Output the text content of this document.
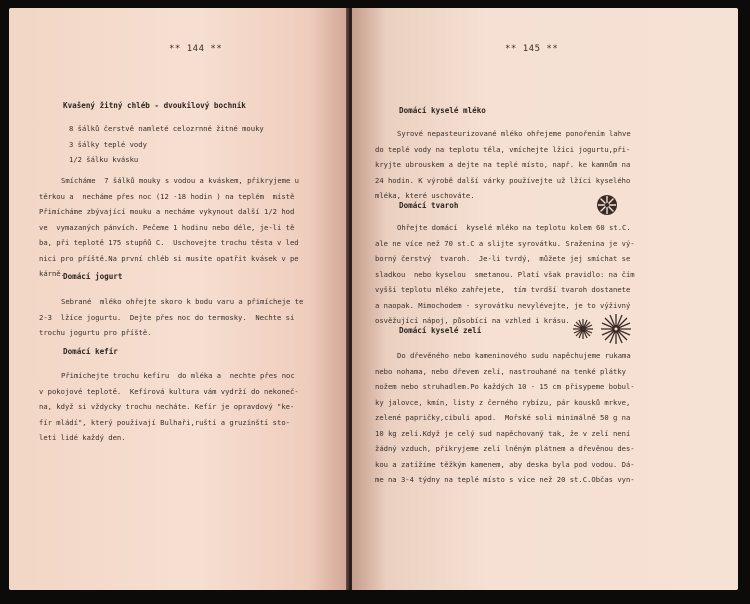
** 144 **
Kvašený žitný chléb - dvoukilový bochník
8 šálků čerstvě namleté celozrnné žitné mouky
3 šálky teplé vody
1/2 šálku kvásku
Smícháme  7 šálků mouky s vodou a kváskem, přikryjeme u
těrkou a  necháme přes noc (12 -18 hodin ) na teplém  místě
Přimícháme zbývající mouku a necháme vykynout další 1/2 hod
ve  vymazaných pánvích. Pečeme 1 hodinu nebo déle, je-li tě
ba, při teplotě 175 stupňů C.  Uschovejte trochu těsta v led
nici pro příště.Na první chléb si musíte opatřit kvásek v pe
kárně.
Domácí jogurt
Sebrané  mléko ohřejte skoro k bodu varu a přimícheje te
2-3  lžíce jogurtu.  Dejte přes noc do termosky.  Nechte si
trochu jogurtu pro příště.
Domácí kefír
Přimíchejte trochu kefíru  do mléka a  nechte přes noc
v pokojové teplotě.  Kefírová kultura vám vydrží do nekoneč-
na, když si vždycky trochu necháte. Kefír je opravdový "ke-
fír mládí", který používají Bulhaři,ruští a gruzínští sto-
letí lidé každý den.
** 145 **
Domácí kyselé mléko
Syrové nepasteurizované mléko ohřejeme ponořením lahve
do teplé vody na teplotu těla, vmíchejte lžíci jogurtu,při-
kryjte ubrouskem a dejte na teplé místo, např. ke kamnům na
24 hodin. K výrobě další várky používejte už lžíci kyselého
mléka, které uschováte.
Domácí tvaroh
Ohřejte domácí  kyselé mléko na teplotu kolem 60 st.C.
ale ne více než 70 st.C a slijte syrovátku. Sraženina je vý-
borný čerstvý  tvaroh.  Je-li tvrdý,  můžete jej smíchat se
sladkou  nebo kyselou  smetanou. Platí však pravidlo: na čím
vyšší teplotu mléko zahřejete,  tím tvrdší tvaroh dostanete
a naopak. Mimochodem - syrovátku nevylévejte, je to výživný
osvěžující nápoj, působící na vzhled i krásu.
Domácí kyselé zelí
Do dřevěného nebo kameninového sudu napěchujeme rukama
nebo nohama, nebo dřevem zelí, nastrouhané na tenké plátky
nožem nebo struhadlem.Po každých 10 - 15 cm přisypeme bobul-
ky jalovce, kmín, listy z černého rybízu, pár kousků mrkve,
zelené papričky,cibuli apod.  Mořské soli minimálně 50 g na
10 kg zelí.Když je celý sud napěchovaný tak, že v zelí není
žádný vzduch, přikryjeme zelí lněným plátnem a dřevěnou des-
kou a zatížíme těžkým kamenem, aby deska byla pod vodou. Dá-
me na 3-4 týdny na teplé místo s více než 20 st.C.Občas vyn-
